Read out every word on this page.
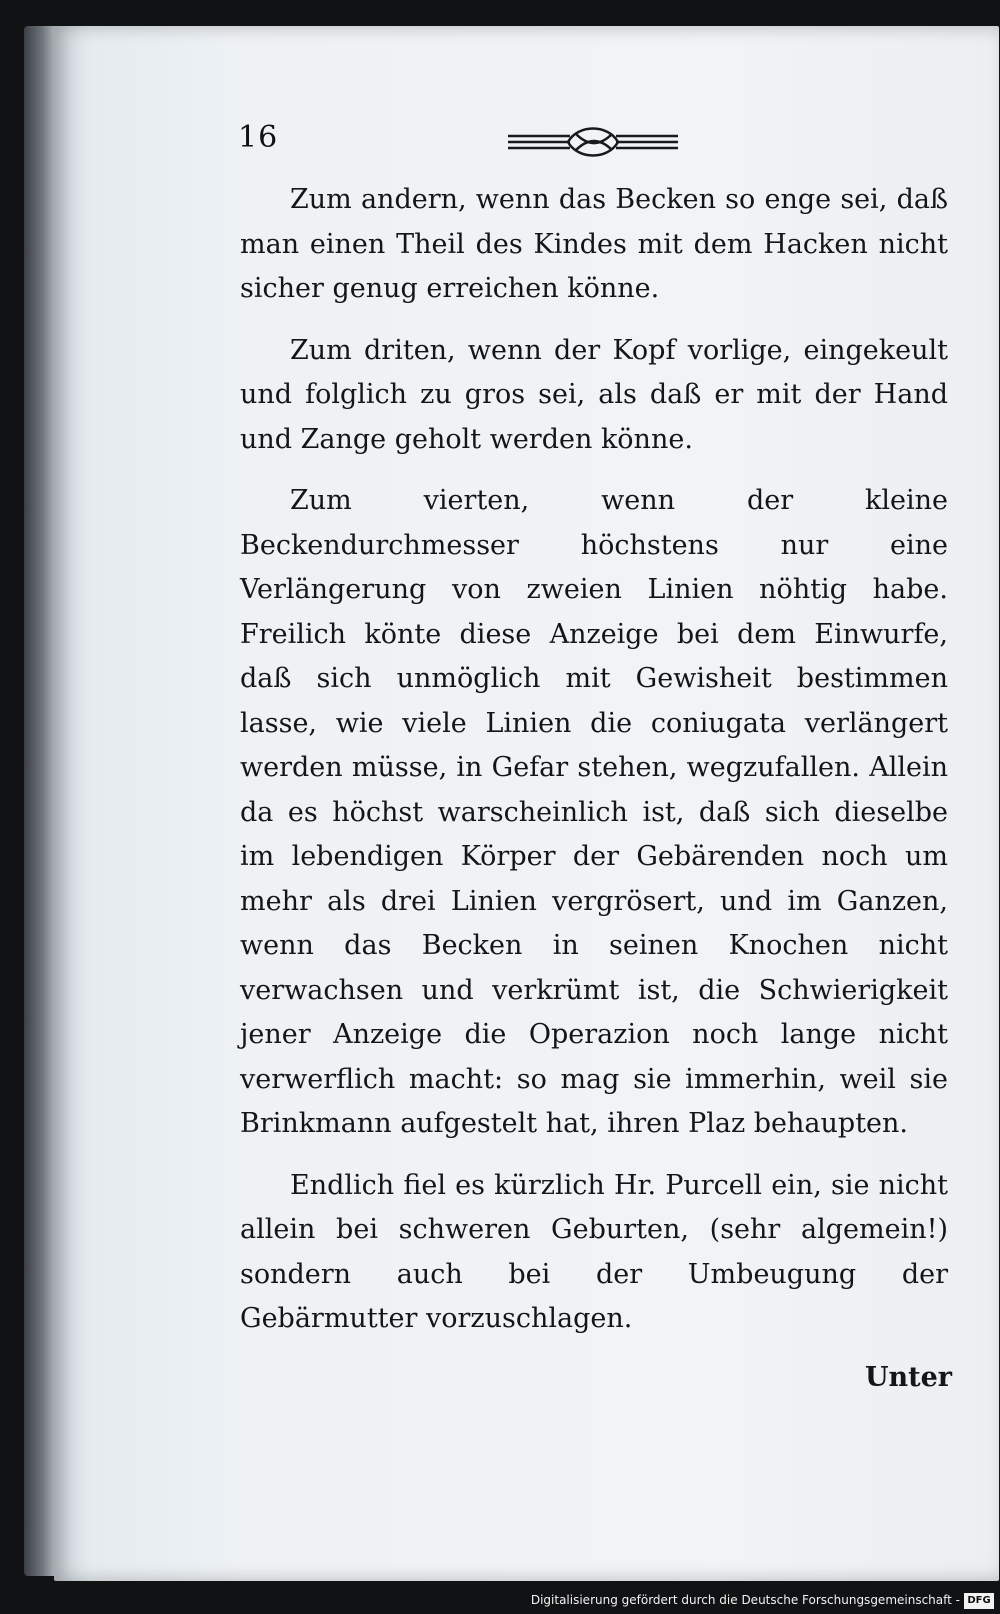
16

Zum andern, wenn das Becken so enge sei, daß man einen Theil des Kindes mit dem Hacken nicht sicher genug erreichen könne.

Zum driten, wenn der Kopf vorlige, eingekeult und folglich zu gros sei, als daß er mit der Hand und Zange geholt werden könne.

Zum vierten, wenn der kleine Beckendurchmesser höchstens nur eine Verlängerung von zweien Linien nöhtig habe. Freilich könte diese Anzeige bei dem Einwurfe, daß sich unmöglich mit Gewisheit bestimmen lasse, wie viele Linien die coniugata verlängert werden müsse, in Gefar stehen, wegzufallen. Allein da es höchst warscheinlich ist, daß sich dieselbe im lebendigen Körper der Gebärenden noch um mehr als drei Linien vergrösert, und im Ganzen, wenn das Becken in seinen Knochen nicht verwachsen und verkrümt ist, die Schwierigkeit jener Anzeige die Operazion noch lange nicht verwerflich macht: so mag sie immerhin, weil sie Brinkmann aufgestelt hat, ihren Plaz behaupten.

Endlich fiel es kürzlich Hr. Purcell ein, sie nicht allein bei schweren Geburten, (sehr algemein!) sondern auch bei der Umbeugung der Gebärmutter vorzuschlagen.

Unter
Digitalisierung gefördert durch die Deutsche Forschungsgemeinschaft - DFG
